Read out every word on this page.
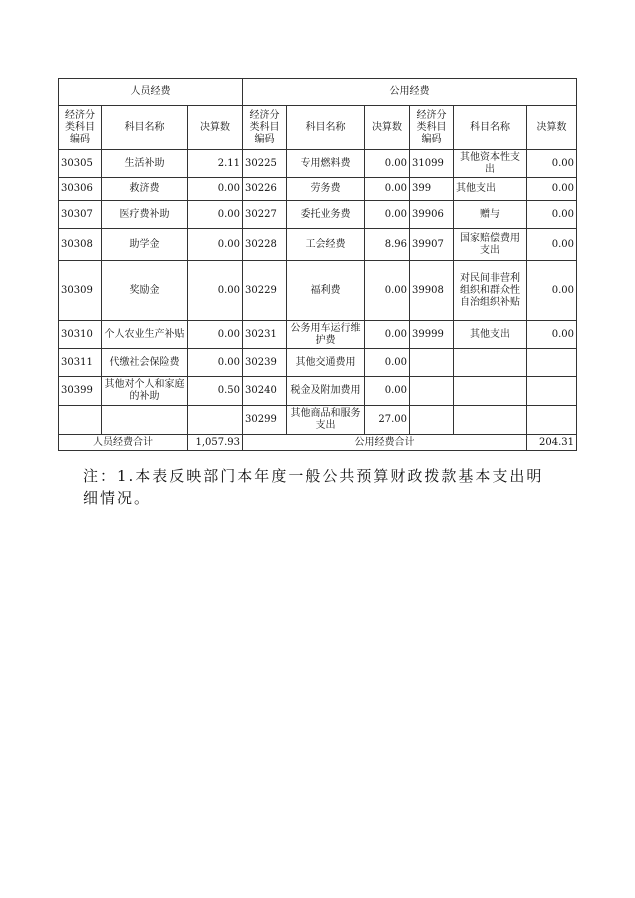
人员经费			公用经费					
经济分类科目编码	科目名称	决算数	经济分类科目编码	科目名称	决算数	经济分类科目编码	科目名称	决算数
30305	生活补助	2.11	30225	专用燃料费	0.00	31099	其他资本性支出	0.00
30306	救济费	0.00	30226	劳务费	0.00	399	其他支出	0.00
30307	医疗费补助	0.00	30227	委托业务费	0.00	39906	赠与	0.00
30308	助学金	0.00	30228	工会经费	8.96	39907	国家赔偿费用支出	0.00
30309	奖励金	0.00	30229	福利费	0.00	39908	对民间非营利组织和群众性自治组织补贴	0.00
30310	个人农业生产补贴	0.00	30231	公务用车运行维护费	0.00	39999	其他支出	0.00
30311	代缴社会保险费	0.00	30239	其他交通费用	0.00			
30399	其他对个人和家庭的补助	0.50	30240	税金及附加费用	0.00			
			30299	其他商品和服务支出	27.00			
人员经费合计		1,057.93	公用经费合计					204.31
注：1.本表反映部门本年度一般公共预算财政拨款基本支出明细情况。
